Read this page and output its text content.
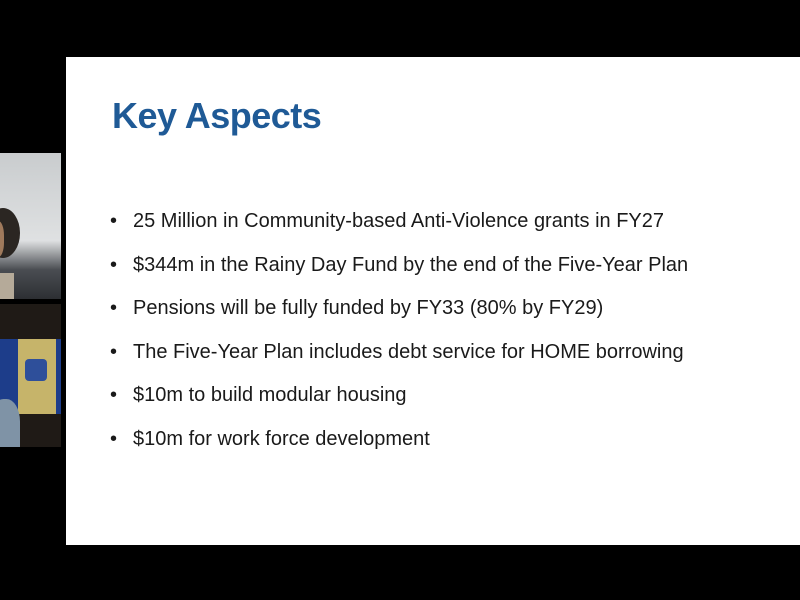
Key Aspects
• 25 Million in Community-based Anti-Violence grants in FY27
• $344m in the Rainy Day Fund by the end of the Five-Year Plan
• Pensions will be fully funded by FY33 (80% by FY29)
• The Five-Year Plan includes debt service for HOME borrowing
• $10m to build modular housing
• $10m for work force development
